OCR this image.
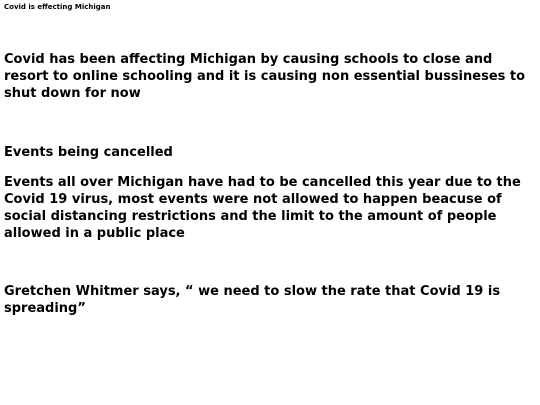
Covid is effecting Michigan

Covid has been affecting Michigan by causing schools to close and resort to online schooling and it is causing non essential bussineses to shut down for now

Events being cancelled

Events all over Michigan have had to be cancelled this year due to the Covid 19 virus, most events were not allowed to happen beacuse of social distancing restrictions and the limit to the amount of people allowed in a public place

Gretchen Whitmer says, “ we need to slow the rate that Covid 19 is spreading”
